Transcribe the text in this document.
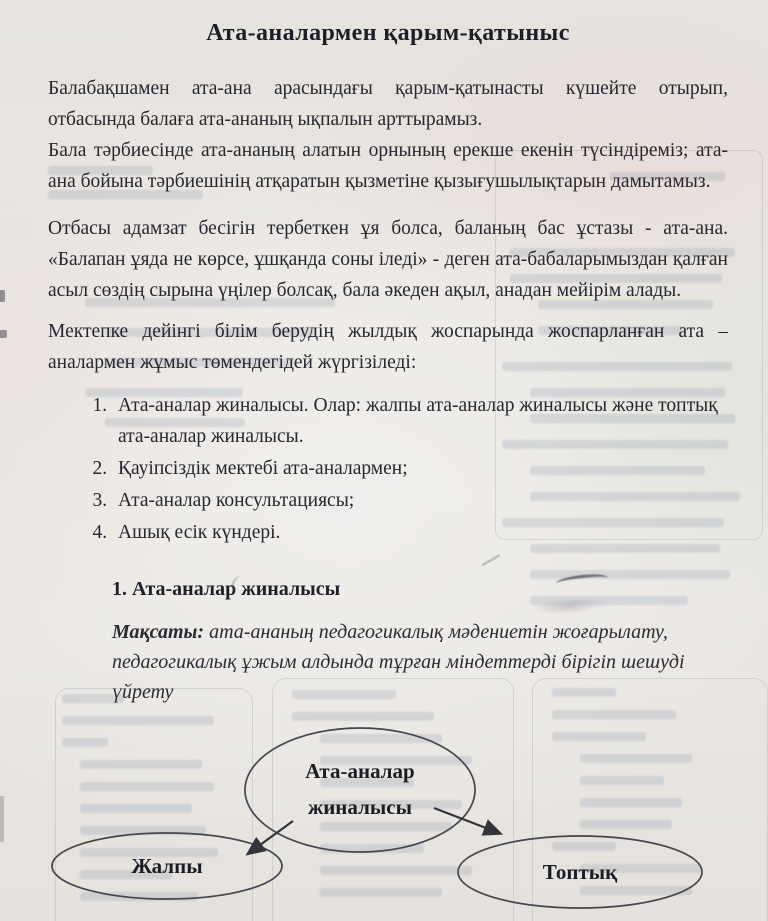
Ата-аналармен қарым-қатыныс

Балабақшамен ата-ана арасындағы қарым-қатынасты күшейте отырып, отбасында балаға ата-ананың ықпалын арттырамыз.

Бала тәрбиесінде ата-ананың алатын орнының ерекше екенін түсіндіреміз; ата-ана бойына тәрбиешінің атқаратын қызметіне қызығушылықтарын дамытамыз.

Отбасы адамзат бесігін тербеткен ұя болса, баланың бас ұстазы - ата-ана. «Балапан ұяда не көрсе, ұшқанда соны іледі» - деген ата-бабаларымыздан қалған асыл сөздің сырына үңілер болсақ, бала әкеден ақыл, анадан мейірім алады.

Мектепке дейінгі білім берудің жылдық жоспарында жоспарланған ата – аналармен жұмыс төмендегідей жүргізіледі:

1. Ата-аналар жиналысы. Олар: жалпы ата-аналар жиналысы және топтық ата-аналар жиналысы.
2. Қауіпсіздік мектебі ата-аналармен;
3. Ата-аналар консультациясы;
4. Ашық есік күндері.
1. Ата-аналар жиналысы

Мақсаты: ата-ананың педагогикалық мәдениетін жоғарылату, педагогикалық ұжым алдында тұрған міндеттерді бірігіп шешуді үйрету

Ата-аналар жиналысы
Жалпы	Топтық
